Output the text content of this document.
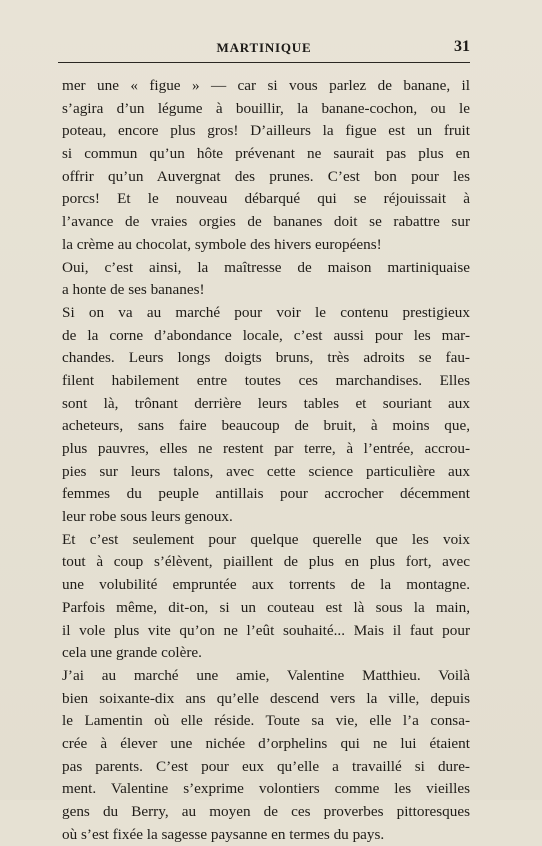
MARTINIQUE	31
mer une « figue » — car si vous parlez de banane, il
s’agira d’un légume à bouillir, la banane-cochon, ou le
poteau, encore plus gros! D’ailleurs la figue est un fruit
si commun qu’un hôte prévenant ne saurait pas plus en
offrir qu’un Auvergnat des prunes. C’est bon pour les
porcs! Et le nouveau débarqué qui se réjouissait à
l’avance de vraies orgies de bananes doit se rabattre sur
la crème au chocolat, symbole des hivers européens!
Oui, c’est ainsi, la maîtresse de maison martiniquaise
a honte de ses bananes!
Si on va au marché pour voir le contenu prestigieux
de la corne d’abondance locale, c’est aussi pour les mar-
chandes. Leurs longs doigts bruns, très adroits se fau-
filent habilement entre toutes ces marchandises. Elles
sont là, trônant derrière leurs tables et souriant aux
acheteurs, sans faire beaucoup de bruit, à moins que,
plus pauvres, elles ne restent par terre, à l’entrée, accrou-
pies sur leurs talons, avec cette science particulière aux
femmes du peuple antillais pour accrocher décemment
leur robe sous leurs genoux.
Et c’est seulement pour quelque querelle que les voix
tout à coup s’élèvent, piaillent de plus en plus fort, avec
une volubilité empruntée aux torrents de la montagne.
Parfois même, dit-on, si un couteau est là sous la main,
il vole plus vite qu’on ne l’eût souhaité... Mais il faut pour
cela une grande colère.
J’ai au marché une amie, Valentine Matthieu. Voilà
bien soixante-dix ans qu’elle descend vers la ville, depuis
le Lamentin où elle réside. Toute sa vie, elle l’a consa-
crée à élever une nichée d’orphelins qui ne lui étaient
pas parents. C’est pour eux qu’elle a travaillé si dure-
ment. Valentine s’exprime volontiers comme les vieilles
gens du Berry, au moyen de ces proverbes pittoresques
où s’est fixée la sagesse paysanne en termes du pays.
